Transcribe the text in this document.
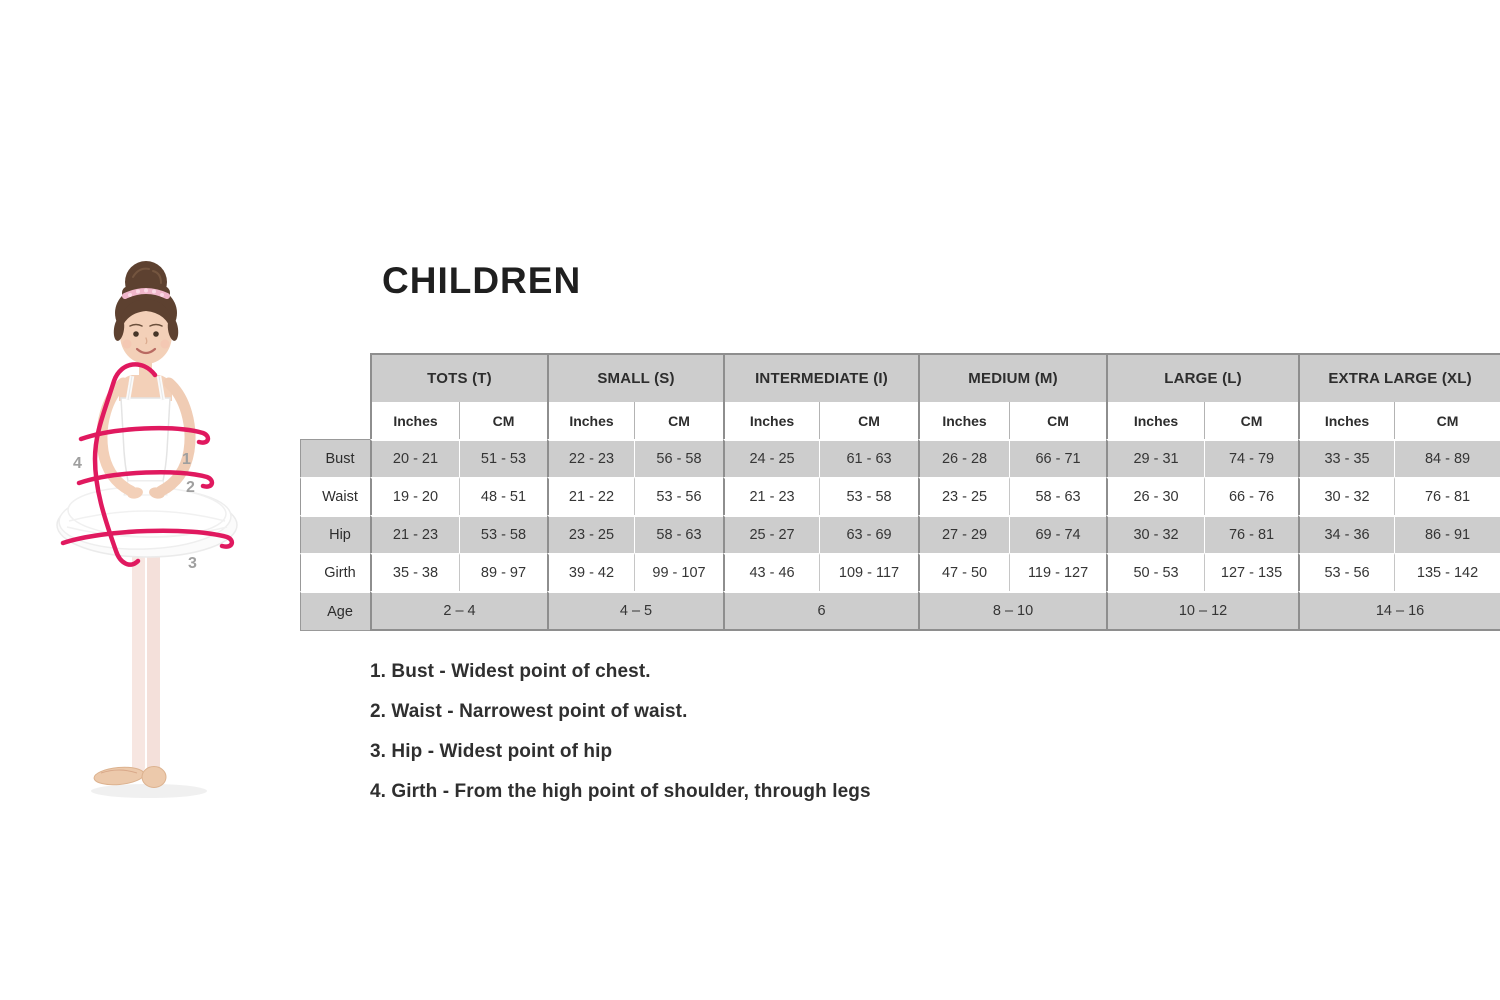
1
2
3
4
CHILDREN
	TOTS (T)		SMALL (S)		INTERMEDIATE (I)		MEDIUM (M)		LARGE (L)		EXTRA LARGE (XL)	
	Inches	CM	Inches	CM	Inches	CM	Inches	CM	Inches	CM	Inches	CM
Bust	20 - 21	51 - 53	22 - 23	56 - 58	24 - 25	61 - 63	26 - 28	66 - 71	29 - 31	74 - 79	33 - 35	84 - 89
Waist	19 - 20	48 - 51	21 - 22	53 - 56	21 - 23	53 - 58	23 - 25	58 - 63	26 - 30	66 - 76	30 - 32	76 - 81
Hip	21 - 23	53 - 58	23 - 25	58 - 63	25 - 27	63 - 69	27 - 29	69 - 74	30 - 32	76 - 81	34 - 36	86 - 91
Girth	35 - 38	89 - 97	39 - 42	99 - 107	43 - 46	109 - 117	47 - 50	119 - 127	50 - 53	127 - 135	53 - 56	135 - 142
Age	2 – 4		4 – 5		6		8 – 10		10 – 12		14 – 16	
1. Bust - Widest point of chest.
2. Waist - Narrowest point of waist.
3. Hip - Widest point of hip
4. Girth - From the high point of shoulder, through legs
